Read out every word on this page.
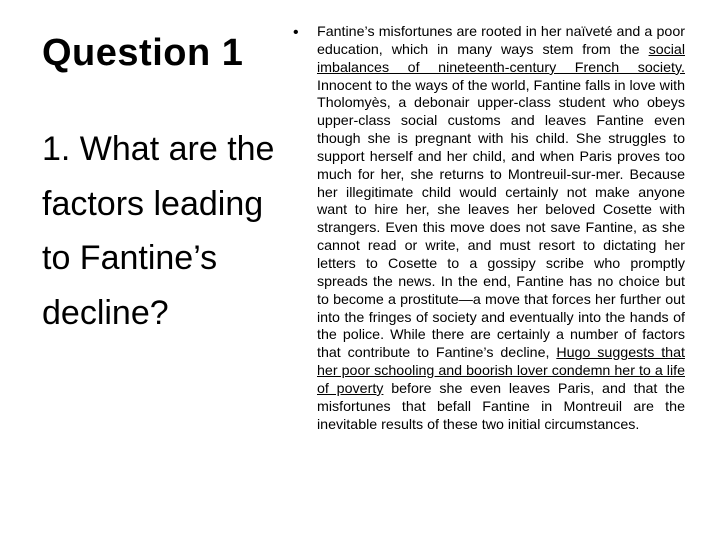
Question 1
1. What are the factors leading to Fantine’s decline?
•	Fantine’s misfortunes are rooted in her naïveté and a poor education, which in many ways stem from the social imbalances of nineteenth-century French society. Innocent to the ways of the world, Fantine falls in love with Tholomyès, a debonair upper-class student who obeys upper-class social customs and leaves Fantine even though she is pregnant with his child. She struggles to support herself and her child, and when Paris proves too much for her, she returns to Montreuil-sur-mer. Because her illegitimate child would certainly not make anyone want to hire her, she leaves her beloved Cosette with strangers. Even this move does not save Fantine, as she cannot read or write, and must resort to dictating her letters to Cosette to a gossipy scribe who promptly spreads the news. In the end, Fantine has no choice but to become a prostitute—a move that forces her further out into the fringes of society and eventually into the hands of the police. While there are certainly a number of factors that contribute to Fantine’s decline, Hugo suggests that her poor schooling and boorish lover condemn her to a life of poverty before she even leaves Paris, and that the misfortunes that befall Fantine in Montreuil are the inevitable results of these two initial circumstances.
